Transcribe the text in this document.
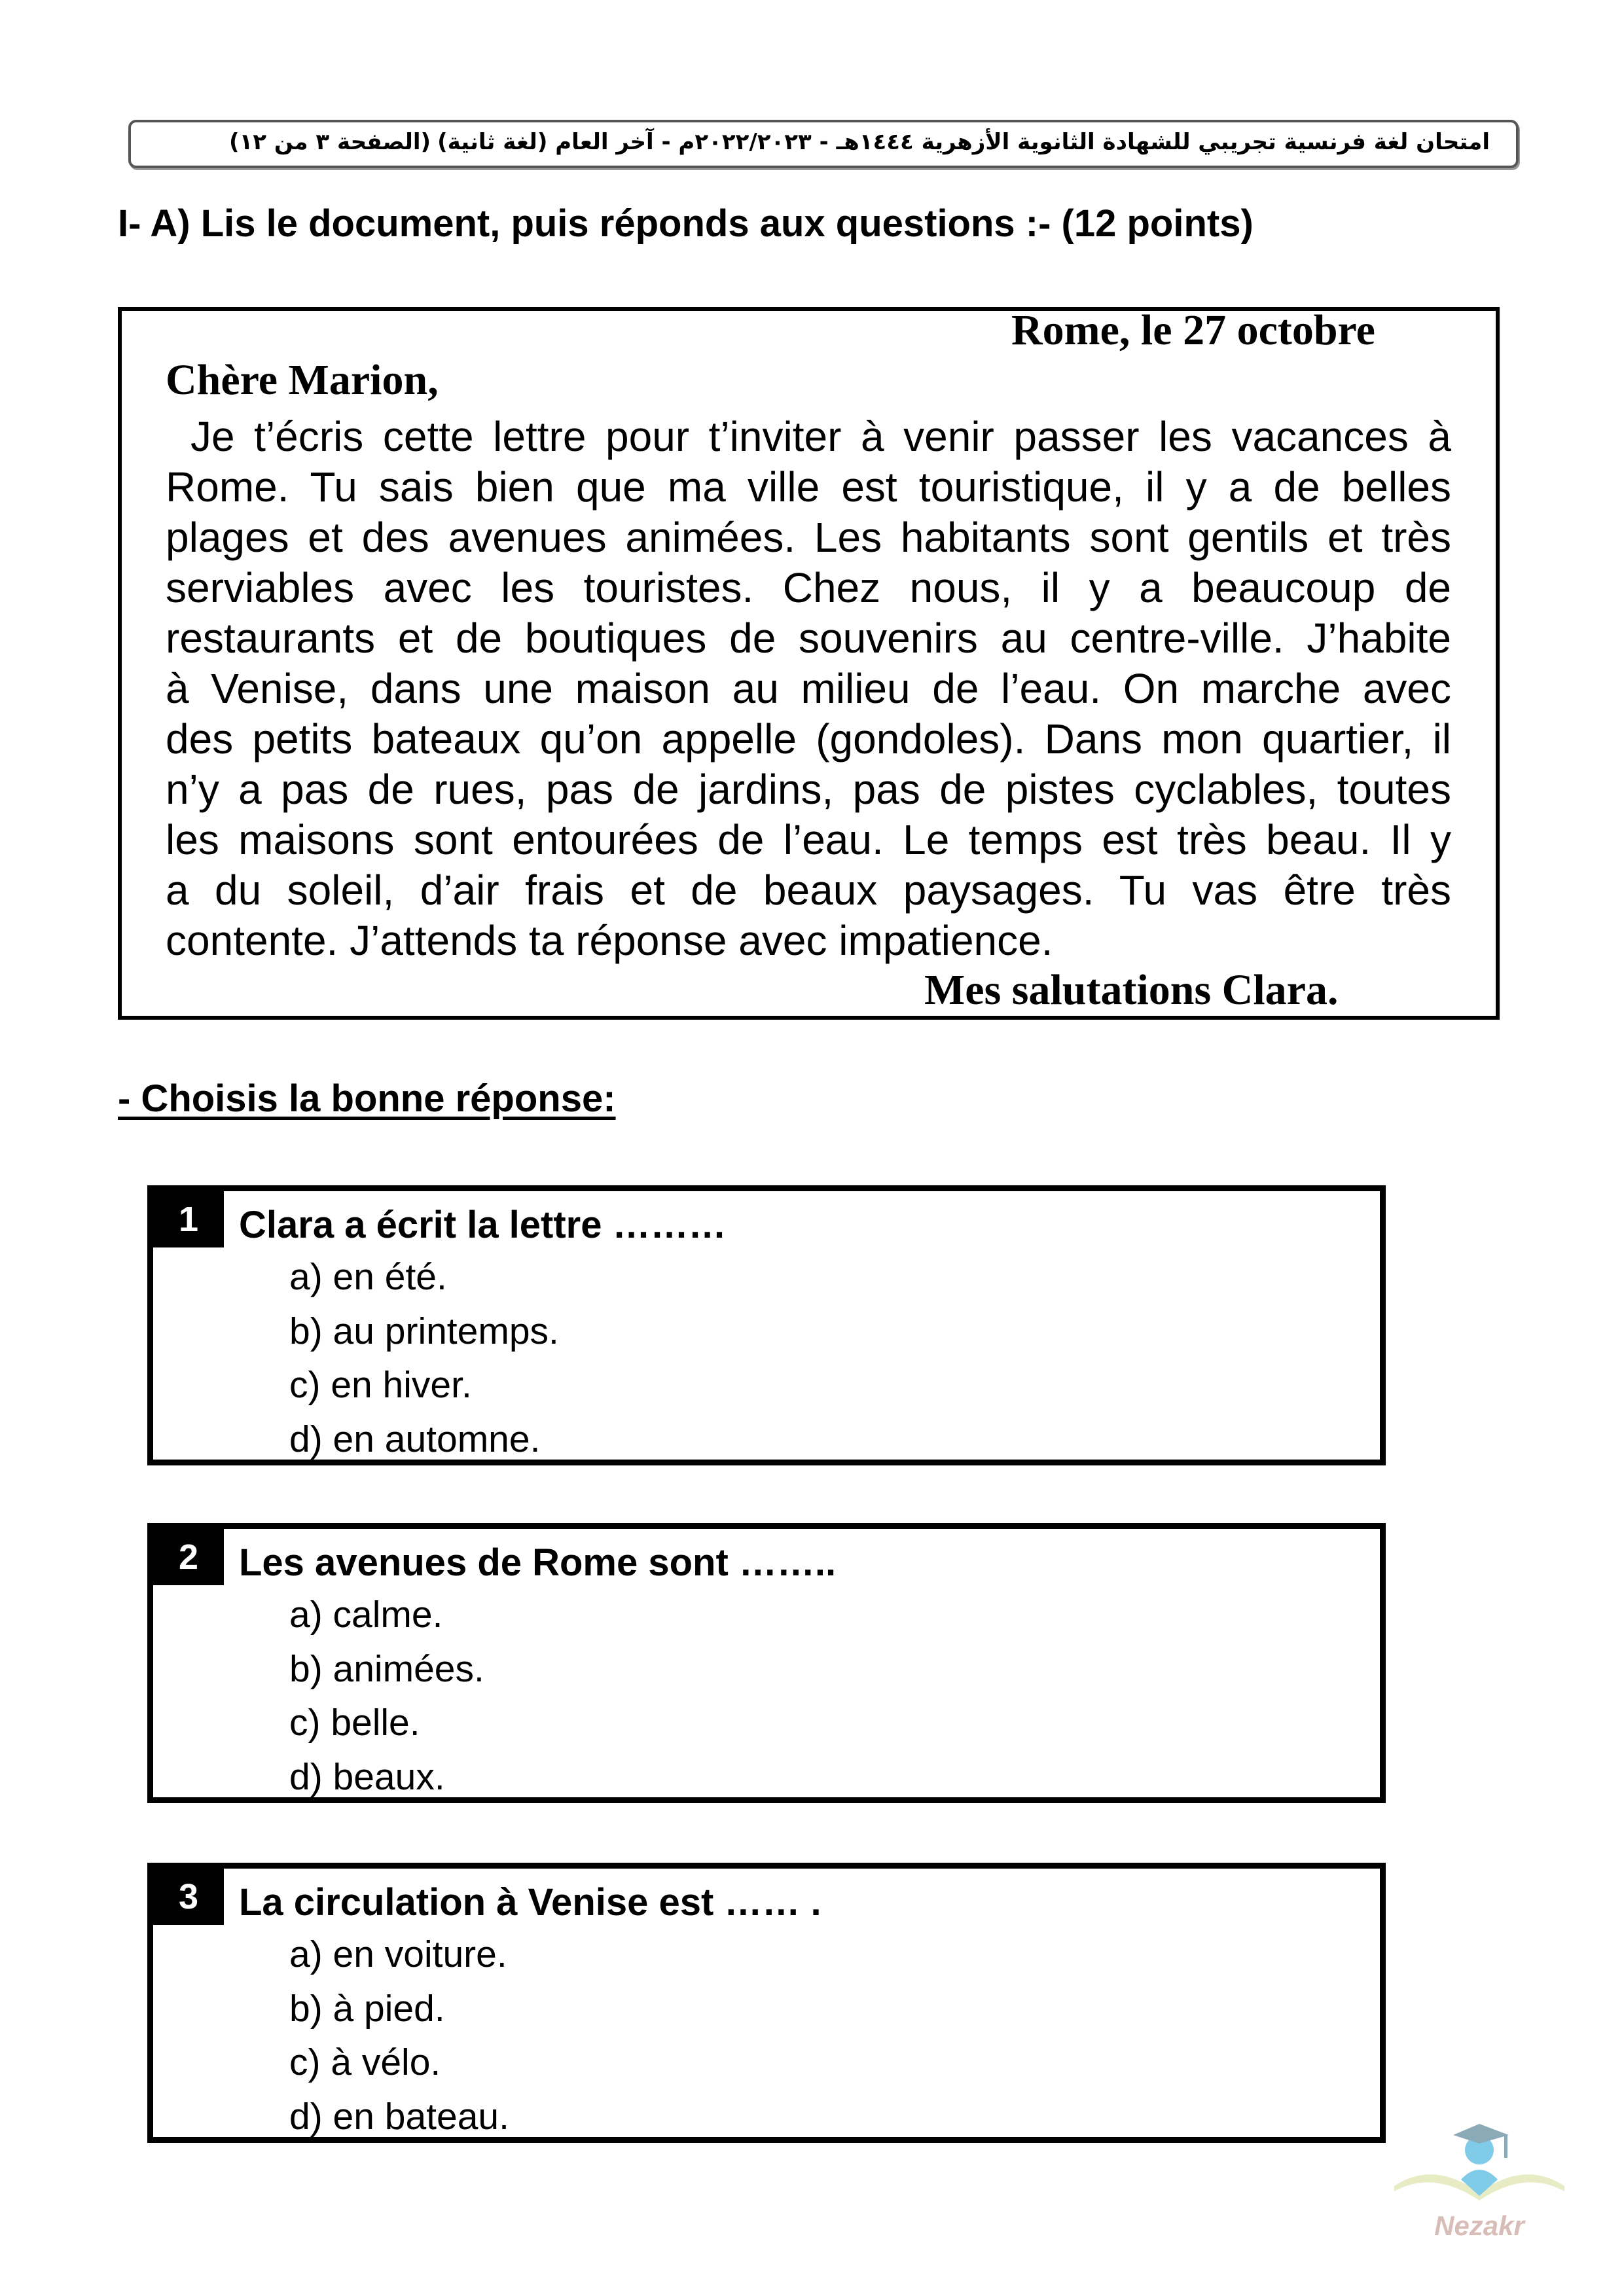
امتحان لغة فرنسية تجريبي للشهادة الثانوية الأزهرية ١٤٤٤هـ - ٢٠٢٢/٢٠٢٣م - آخر العام (لغة ثانية)
(الصفحة ٣ من ١٢)
I- A) Lis le document, puis réponds aux questions :- (12 points)
Rome, le 27 octobre
Chère Marion,
Je t’écris cette lettre pour t’inviter à venir passer les vacances à
Rome. Tu sais bien que ma ville est touristique, il y a de belles
plages et des avenues animées. Les habitants sont gentils et très
serviables avec les touristes. Chez nous, il y a beaucoup de
restaurants et de boutiques de souvenirs au centre-ville. J’habite
à Venise, dans une maison au milieu de l’eau. On marche avec
des petits bateaux qu’on appelle (gondoles). Dans mon quartier, il
n’y a pas de rues, pas de jardins, pas de pistes cyclables, toutes
les maisons sont entourées de l’eau. Le temps est très beau. Il y
a du soleil, d’air frais et de beaux paysages. Tu vas être très
contente. J’attends ta réponse avec impatience.
Mes salutations Clara.
- Choisis la bonne réponse:
1	Clara a écrit la lettre ………
a) en été.
b) au printemps.
c) en hiver.
d) en automne.
2	Les avenues de Rome sont ……..
a) calme.
b) animées.
c) belle.
d) beaux.
3	La circulation à Venise est …… .
a) en voiture.
b) à pied.
c) à vélo.
d) en bateau.
Nezakr
